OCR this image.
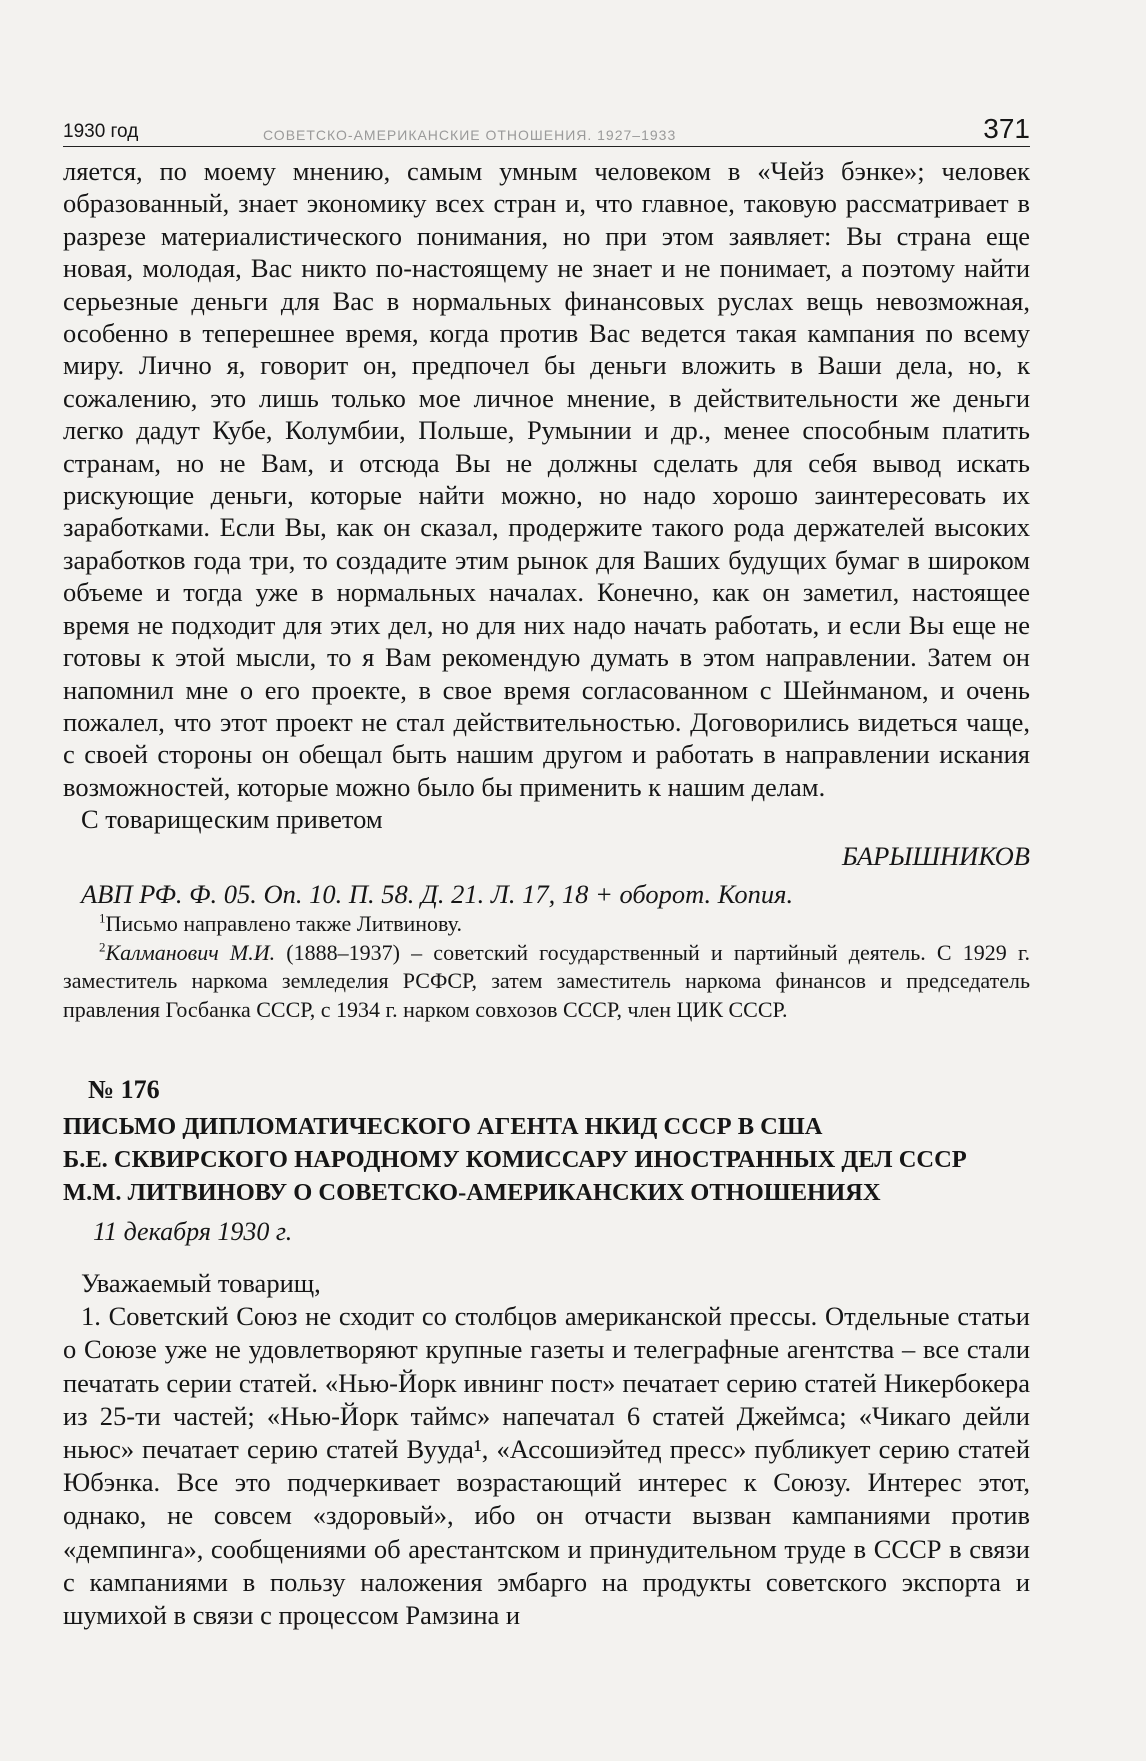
1930 год	СОВЕТСКО-АМЕРИКАНСКИЕ ОТНОШЕНИЯ. 1927–1933	371

ляется, по моему мнению, самым умным человеком в «Чейз бэнке»; человек образованный, знает экономику всех стран и, что главное, таковую рассматривает в разрезе материалистического понимания, но при этом заявляет: Вы страна еще новая, молодая, Вас никто по-настоящему не знает и не понимает, а поэтому найти серьезные деньги для Вас в нормальных финансовых руслах вещь невозможная, особенно в теперешнее время, когда против Вас ведется такая кампания по всему миру. Лично я, говорит он, предпочел бы деньги вложить в Ваши дела, но, к сожалению, это лишь только мое личное мнение, в действительности же деньги легко дадут Кубе, Колумбии, Польше, Румынии и др., менее способным платить странам, но не Вам, и отсюда Вы не должны сделать для себя вывод искать рискующие деньги, которые найти можно, но надо хорошо заинтересовать их заработками. Если Вы, как он сказал, продержите такого рода держателей высоких заработков года три, то создадите этим рынок для Ваших будущих бумаг в широком объеме и тогда уже в нормальных началах. Конечно, как он заметил, настоящее время не подходит для этих дел, но для них надо начать работать, и если Вы еще не готовы к этой мысли, то я Вам рекомендую думать в этом направлении. Затем он напомнил мне о его проекте, в свое время согласованном с Шейнманом, и очень пожалел, что этот проект не стал действительностью. Договорились видеться чаще, с своей стороны он обещал быть нашим другом и работать в направлении искания возможностей, которые можно было бы применить к нашим делам.

С товарищеским приветом

БАРЫШНИКОВ

АВП РФ. Ф. 05. Оп. 10. П. 58. Д. 21. Л. 17, 18 + оборот. Копия.

$^1$Письмо направлено также Литвинову.

$^2$Калманович М.И. (1888–1937) – советский государственный и партийный деятель. С 1929 г. заместитель наркома земледелия РСФСР, затем заместитель наркома финансов и председатель правления Госбанка СССР, с 1934 г. нарком совхозов СССР, член ЦИК СССР.

№ 176

ПИСЬМО ДИПЛОМАТИЧЕСКОГО АГЕНТА НКИД СССР В США

Б.Е. СКВИРСКОГО НАРОДНОМУ КОМИССАРУ ИНОСТРАННЫХ ДЕЛ СССР

М.М. ЛИТВИНОВУ О СОВЕТСКО-АМЕРИКАНСКИХ ОТНОШЕНИЯХ

11 декабря 1930 г.

Уважаемый товарищ,

1. Советский Союз не сходит со столбцов американской прессы. Отдельные статьи о Союзе уже не удовлетворяют крупные газеты и телеграфные агентства – все стали печатать серии статей. «Нью-Йорк ивнинг пост» печатает серию статей Никербокера из 25-ти частей; «Нью-Йорк таймс» напечатал 6 статей Джеймса; «Чикаго дейли ньюс» печатает серию статей Вууда¹, «Ассошиэйтед пресс» публикует серию статей Юбэнка. Все это подчеркивает возрастающий интерес к Союзу. Интерес этот, однако, не совсем «здоровый», ибо он отчасти вызван кампаниями против «демпинга», сообщениями об арестантском и принудительном труде в СССР в связи с кампаниями в пользу наложения эмбарго на продукты советского экспорта и шумихой в связи с процессом Рамзина и
